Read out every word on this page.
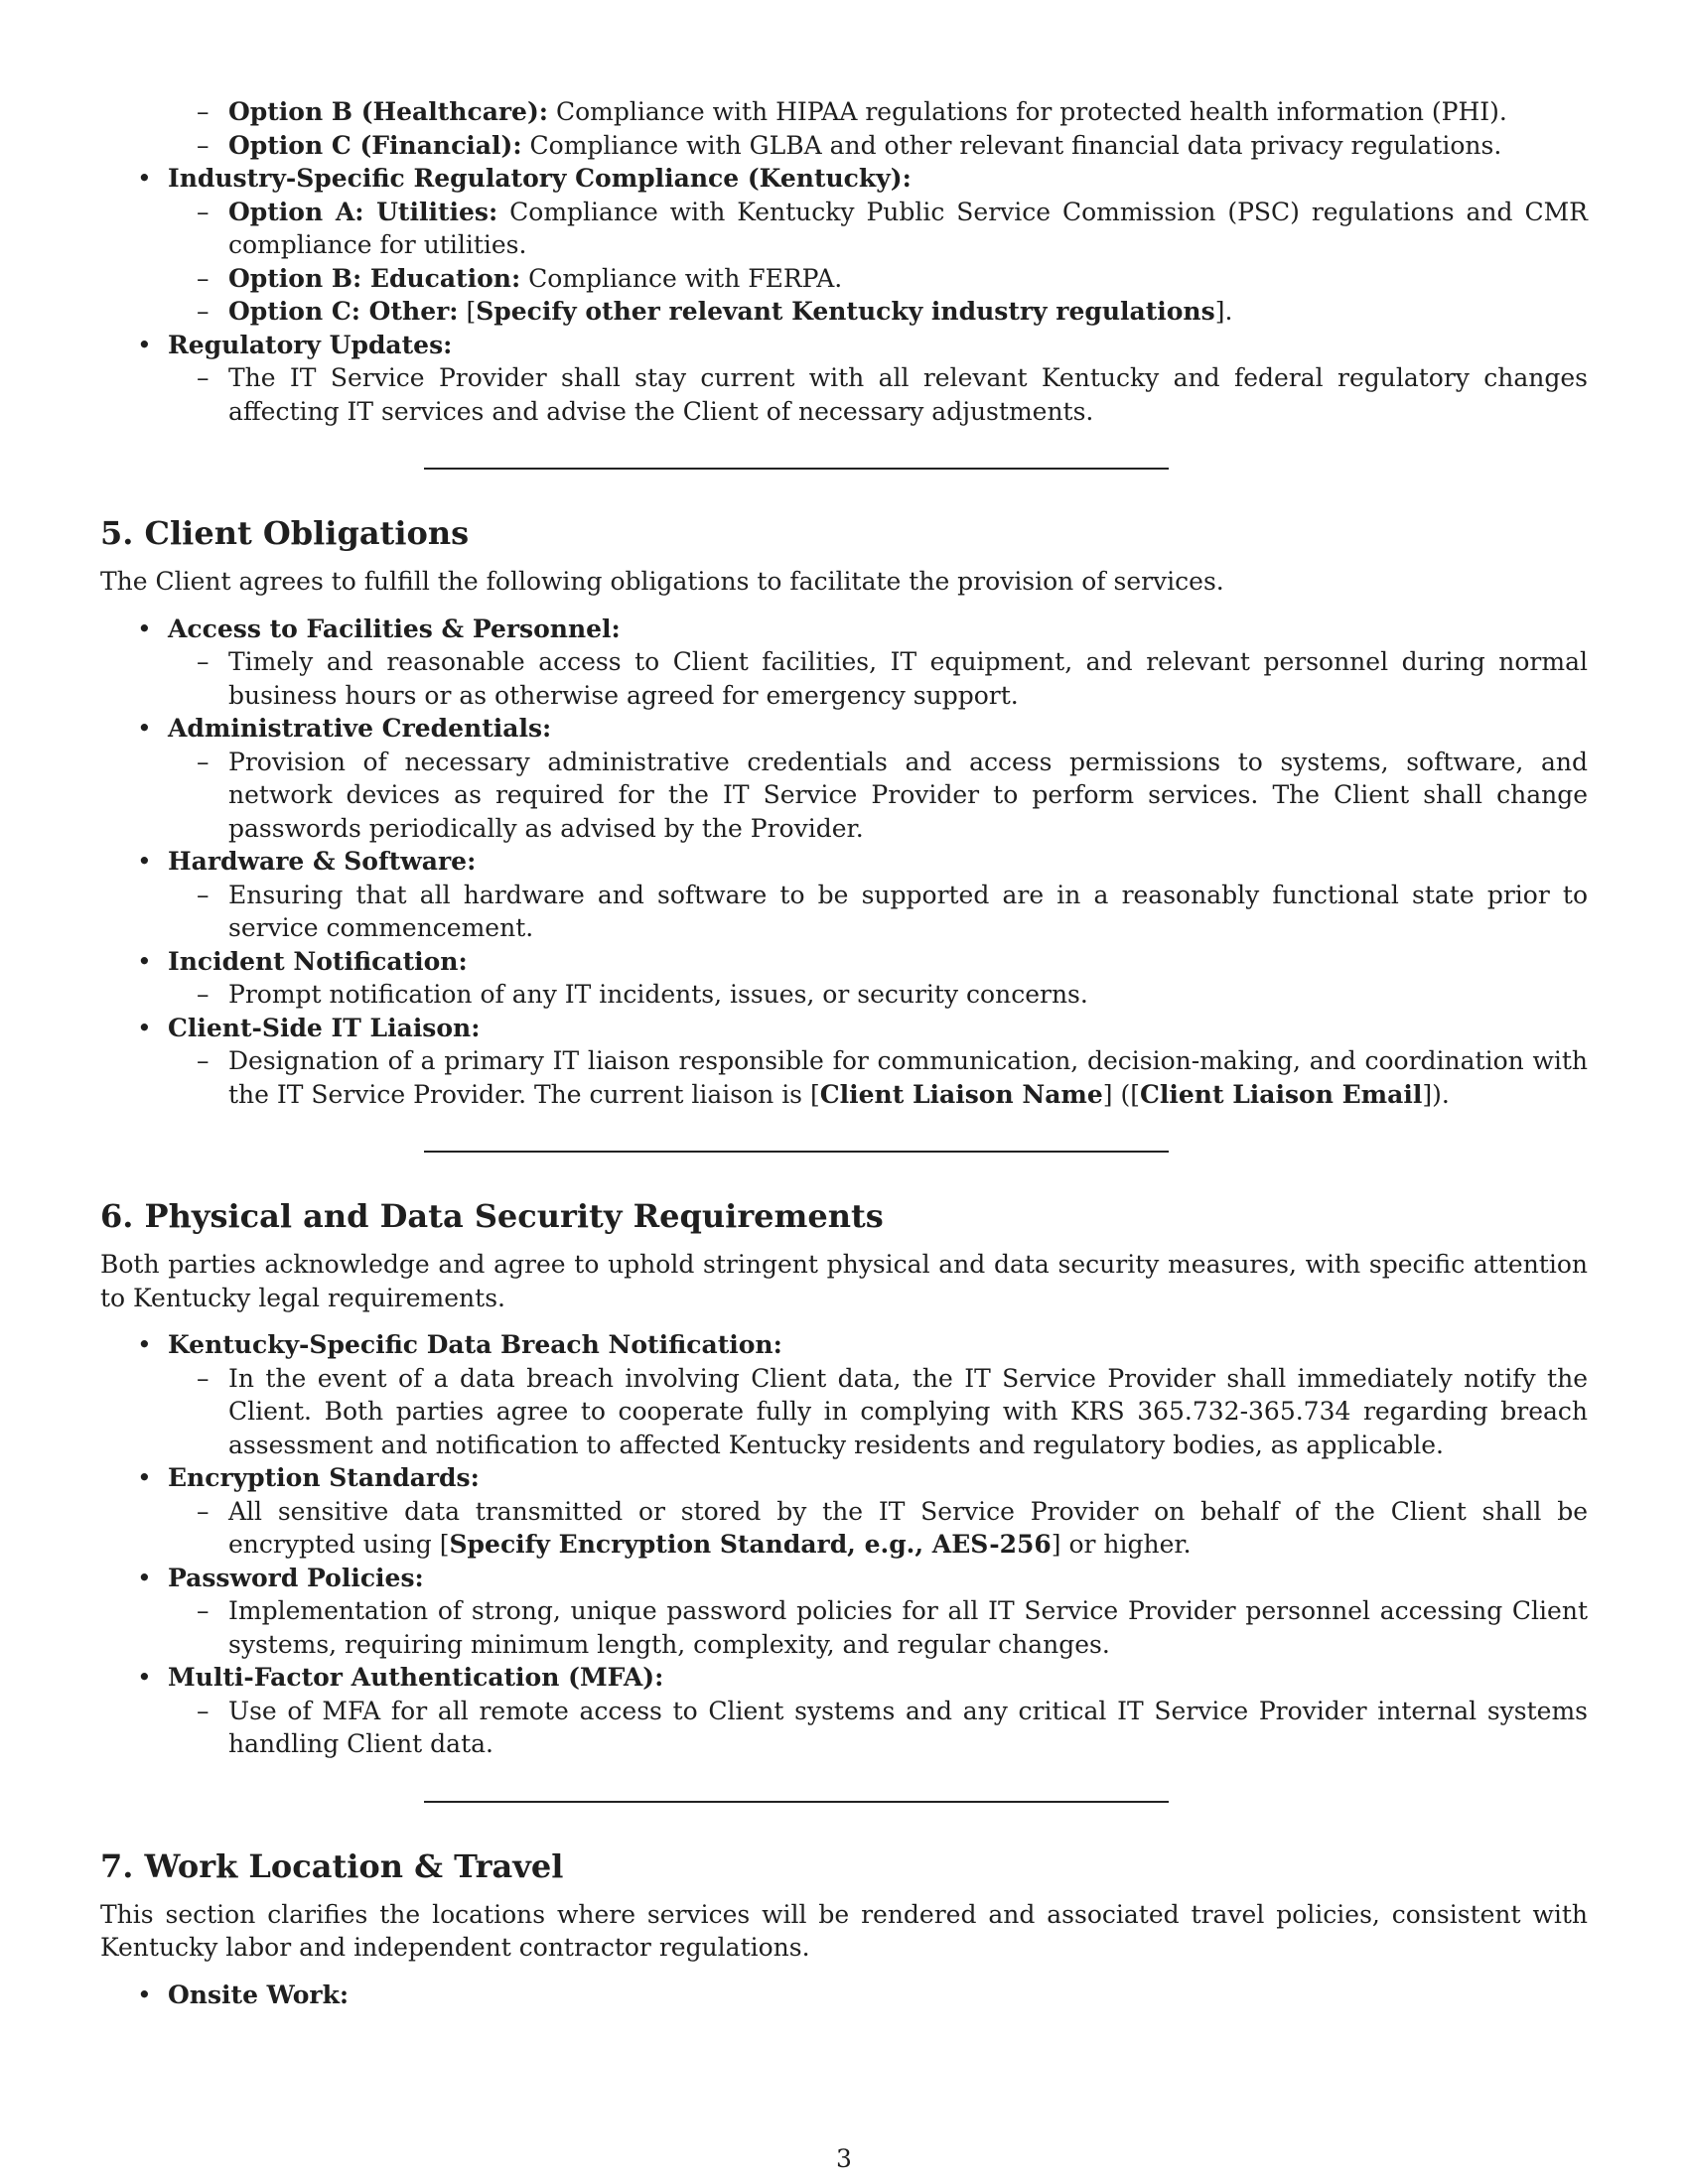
– Option B (Healthcare): Compliance with HIPAA regulations for protected health information (PHI).
– Option C (Financial): Compliance with GLBA and other relevant financial data privacy regulations.
• Industry-Specific Regulatory Compliance (Kentucky):
– Option A: Utilities: Compliance with Kentucky Public Service Commission (PSC) regulations and CMR compliance for utilities.
– Option B: Education: Compliance with FERPA.
– Option C: Other: [Specify other relevant Kentucky industry regulations].
• Regulatory Updates:
– The IT Service Provider shall stay current with all relevant Kentucky and federal regulatory changes affecting IT services and advise the Client of necessary adjustments.
5. Client Obligations

The Client agrees to fulfill the following obligations to facilitate the provision of services.

• Access to Facilities & Personnel:
– Timely and reasonable access to Client facilities, IT equipment, and relevant personnel during normal business hours or as otherwise agreed for emergency support.
• Administrative Credentials:
– Provision of necessary administrative credentials and access permissions to systems, software, and network devices as required for the IT Service Provider to perform services. The Client shall change passwords periodically as advised by the Provider.
• Hardware & Software:
– Ensuring that all hardware and software to be supported are in a reasonably functional state prior to service commencement.
• Incident Notification:
– Prompt notification of any IT incidents, issues, or security concerns.
• Client-Side IT Liaison:
– Designation of a primary IT liaison responsible for communication, decision-making, and coordination with the IT Service Provider. The current liaison is [Client Liaison Name] ([Client Liaison Email]).
6. Physical and Data Security Requirements

Both parties acknowledge and agree to uphold stringent physical and data security measures, with specific attention to Kentucky legal requirements.

• Kentucky-Specific Data Breach Notification:
– In the event of a data breach involving Client data, the IT Service Provider shall immediately notify the Client. Both parties agree to cooperate fully in complying with KRS 365.732-365.734 regarding breach assessment and notification to affected Kentucky residents and regulatory bodies, as applicable.
• Encryption Standards:
– All sensitive data transmitted or stored by the IT Service Provider on behalf of the Client shall be encrypted using [Specify Encryption Standard, e.g., AES-256] or higher.
• Password Policies:
– Implementation of strong, unique password policies for all IT Service Provider personnel accessing Client systems, requiring minimum length, complexity, and regular changes.
• Multi-Factor Authentication (MFA):
– Use of MFA for all remote access to Client systems and any critical IT Service Provider internal systems handling Client data.
7. Work Location & Travel

This section clarifies the locations where services will be rendered and associated travel policies, consistent with Kentucky labor and independent contractor regulations.

• Onsite Work:
3
